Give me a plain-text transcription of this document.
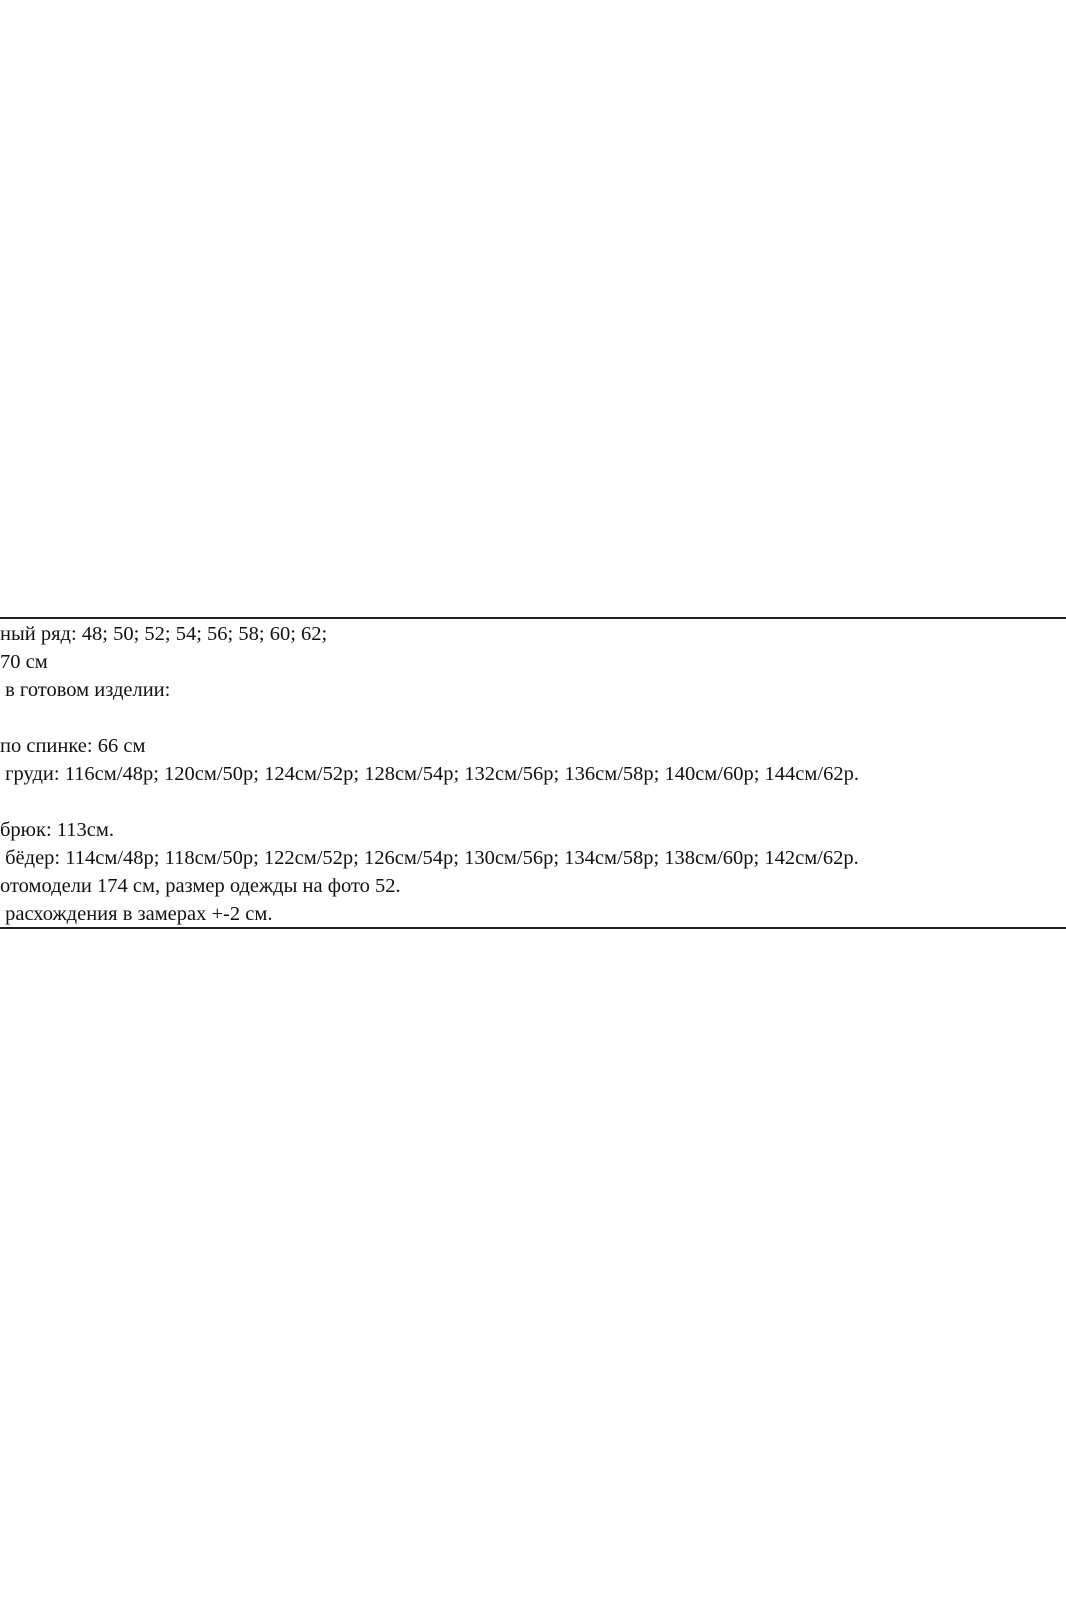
ный ряд: 48; 50; 52; 54; 56; 58; 60; 62;
70 см
в готовом изделии:
по спинке: 66 см
груди: 116см/48р; 120см/50р; 124см/52р; 128см/54р; 132см/56р; 136см/58р; 140см/60р; 144см/62р.
брюк: 113см.
бёдер: 114см/48р; 118см/50р; 122см/52р; 126см/54р; 130см/56р; 134см/58р; 138см/60р; 142см/62р.
отомодели 174 см, размер одежды на фото 52.
расхождения в замерах +-2 см.
